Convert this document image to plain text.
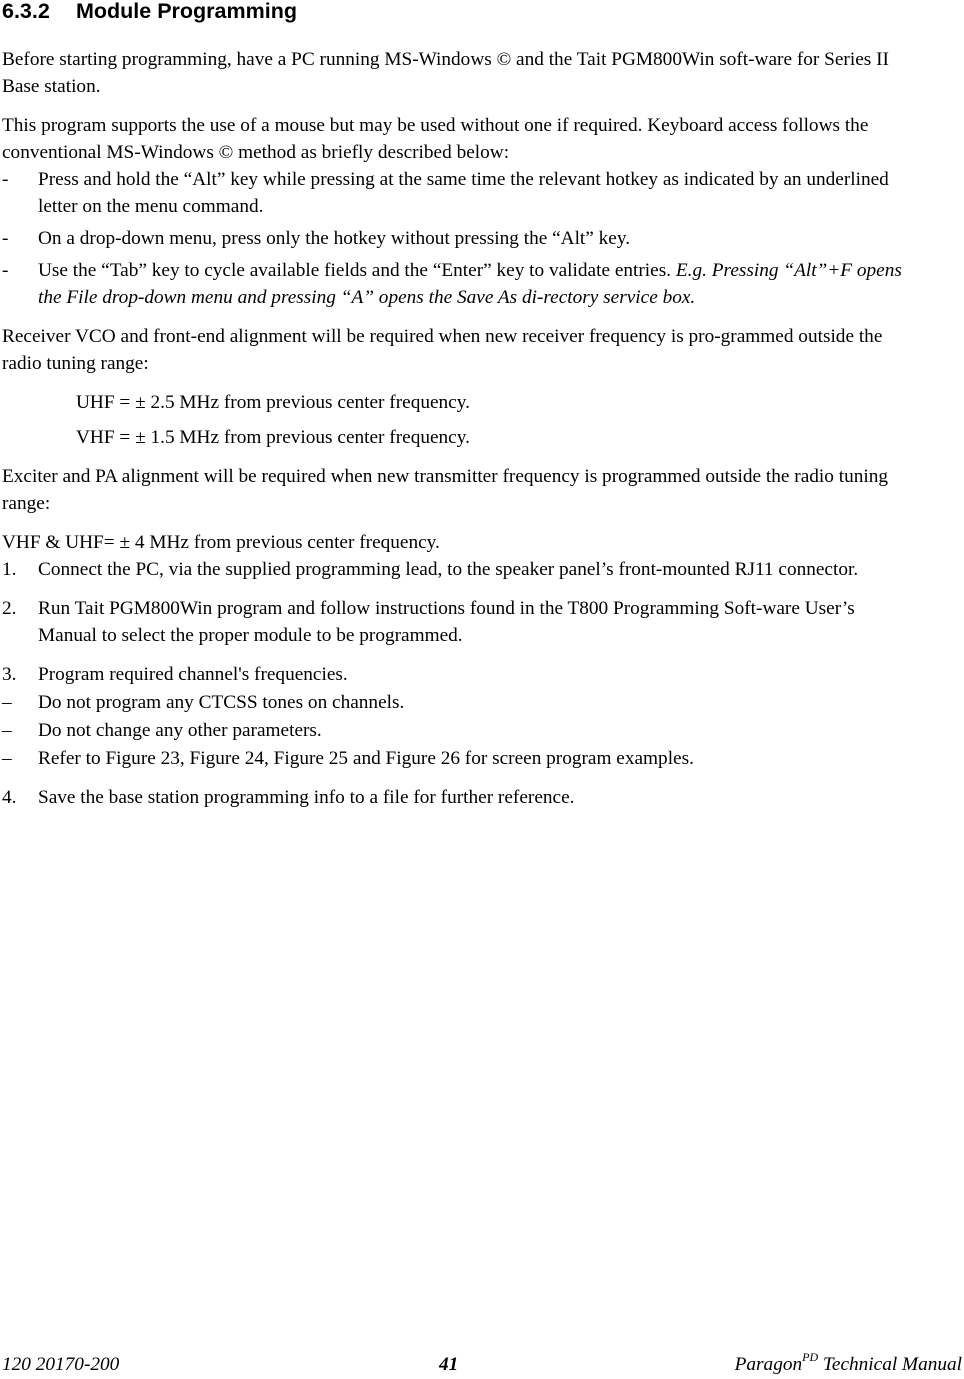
6.3.2 Module Programming

Before starting programming, have a PC running MS-Windows © and the Tait PGM800Win soft-ware for Series II Base station.

This program supports the use of a mouse but may be used without one if required. Keyboard access follows the conventional MS-Windows © method as briefly described below:

-	Press and hold the “Alt” key while pressing at the same time the relevant hotkey as indicated by an underlined letter on the menu command.
-	On a drop-down menu, press only the hotkey without pressing the “Alt” key.
-	Use the “Tab” key to cycle available fields and the “Enter” key to validate entries. E.g. Pressing “Alt”+F opens the File drop-down menu and pressing “A” opens the Save As di-rectory service box.

Receiver VCO and front-end alignment will be required when new receiver frequency is pro-grammed outside the radio tuning range:

UHF = ± 2.5 MHz from previous center frequency.

VHF = ± 1.5 MHz from previous center frequency.

Exciter and PA alignment will be required when new transmitter frequency is programmed outside the radio tuning range:

VHF & UHF= ± 4 MHz from previous center frequency.

1.	Connect the PC, via the supplied programming lead, to the speaker panel’s front-mounted RJ11 connector.
2.	Run Tait PGM800Win program and follow instructions found in the T800 Programming Soft-ware User’s Manual to select the proper module to be programmed.
3.	Program required channel's frequencies.
–	Do not program any CTCSS tones on channels.
–	Do not change any other parameters.
–	Refer to Figure 23, Figure 24, Figure 25 and Figure 26 for screen program examples.
4.	Save the base station programming info to a file for further reference.
120 20170-200	41	Paragon$^{PD}$ Technical Manual
